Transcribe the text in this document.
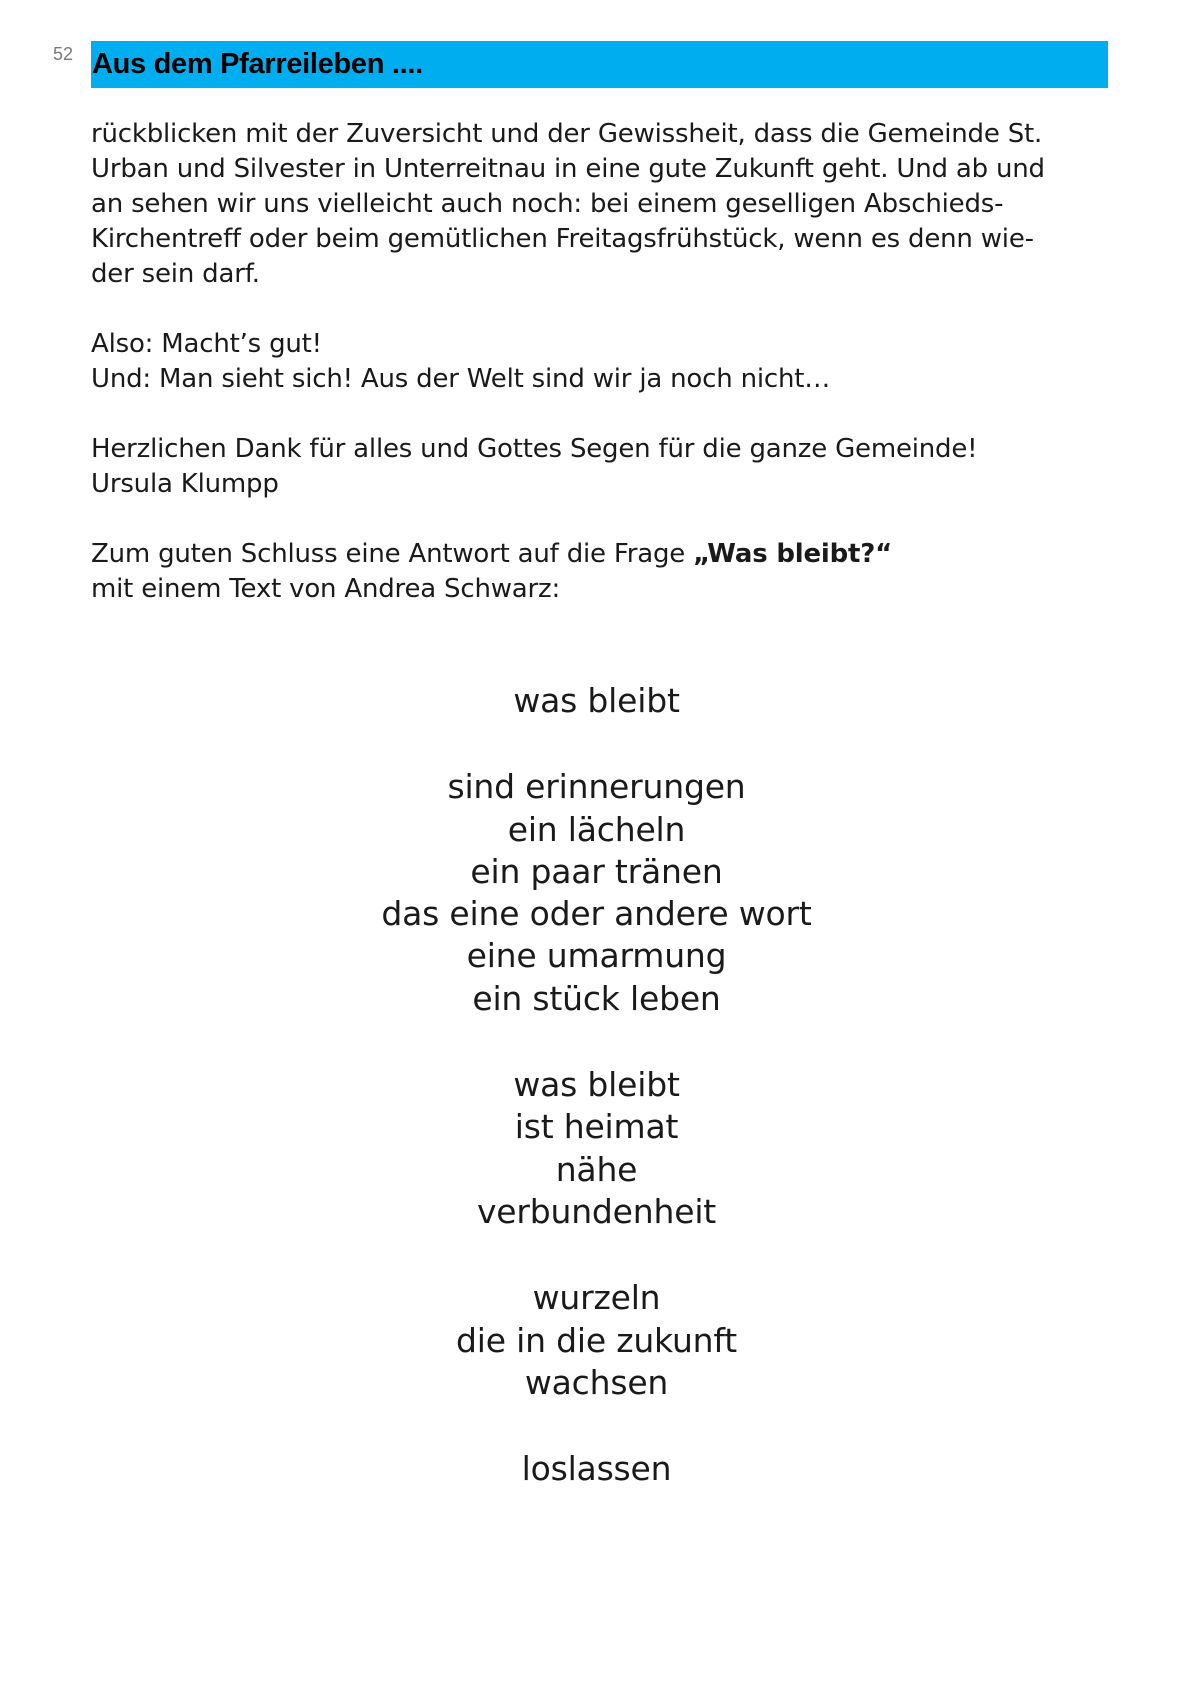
52 Aus dem Pfarreileben ....

rückblicken mit der Zuversicht und der Gewissheit, dass die Gemeinde St.
Urban und Silvester in Unterreitnau in eine gute Zukunft geht. Und ab und
an sehen wir uns vielleicht auch noch: bei einem geselligen Abschieds-
Kirchentreff oder beim gemütlichen Freitagsfrühstück, wenn es denn wie-
der sein darf.

Also: Macht’s gut!
Und: Man sieht sich! Aus der Welt sind wir ja noch nicht…

Herzlichen Dank für alles und Gottes Segen für die ganze Gemeinde!
Ursula Klumpp

Zum guten Schluss eine Antwort auf die Frage „Was bleibt?“
mit einem Text von Andrea Schwarz:

was bleibt
sind erinnerungen
ein lächeln
ein paar tränen
das eine oder andere wort
eine umarmung
ein stück leben
was bleibt
ist heimat
nähe
verbundenheit
wurzeln
die in die zukunft
wachsen
loslassen
